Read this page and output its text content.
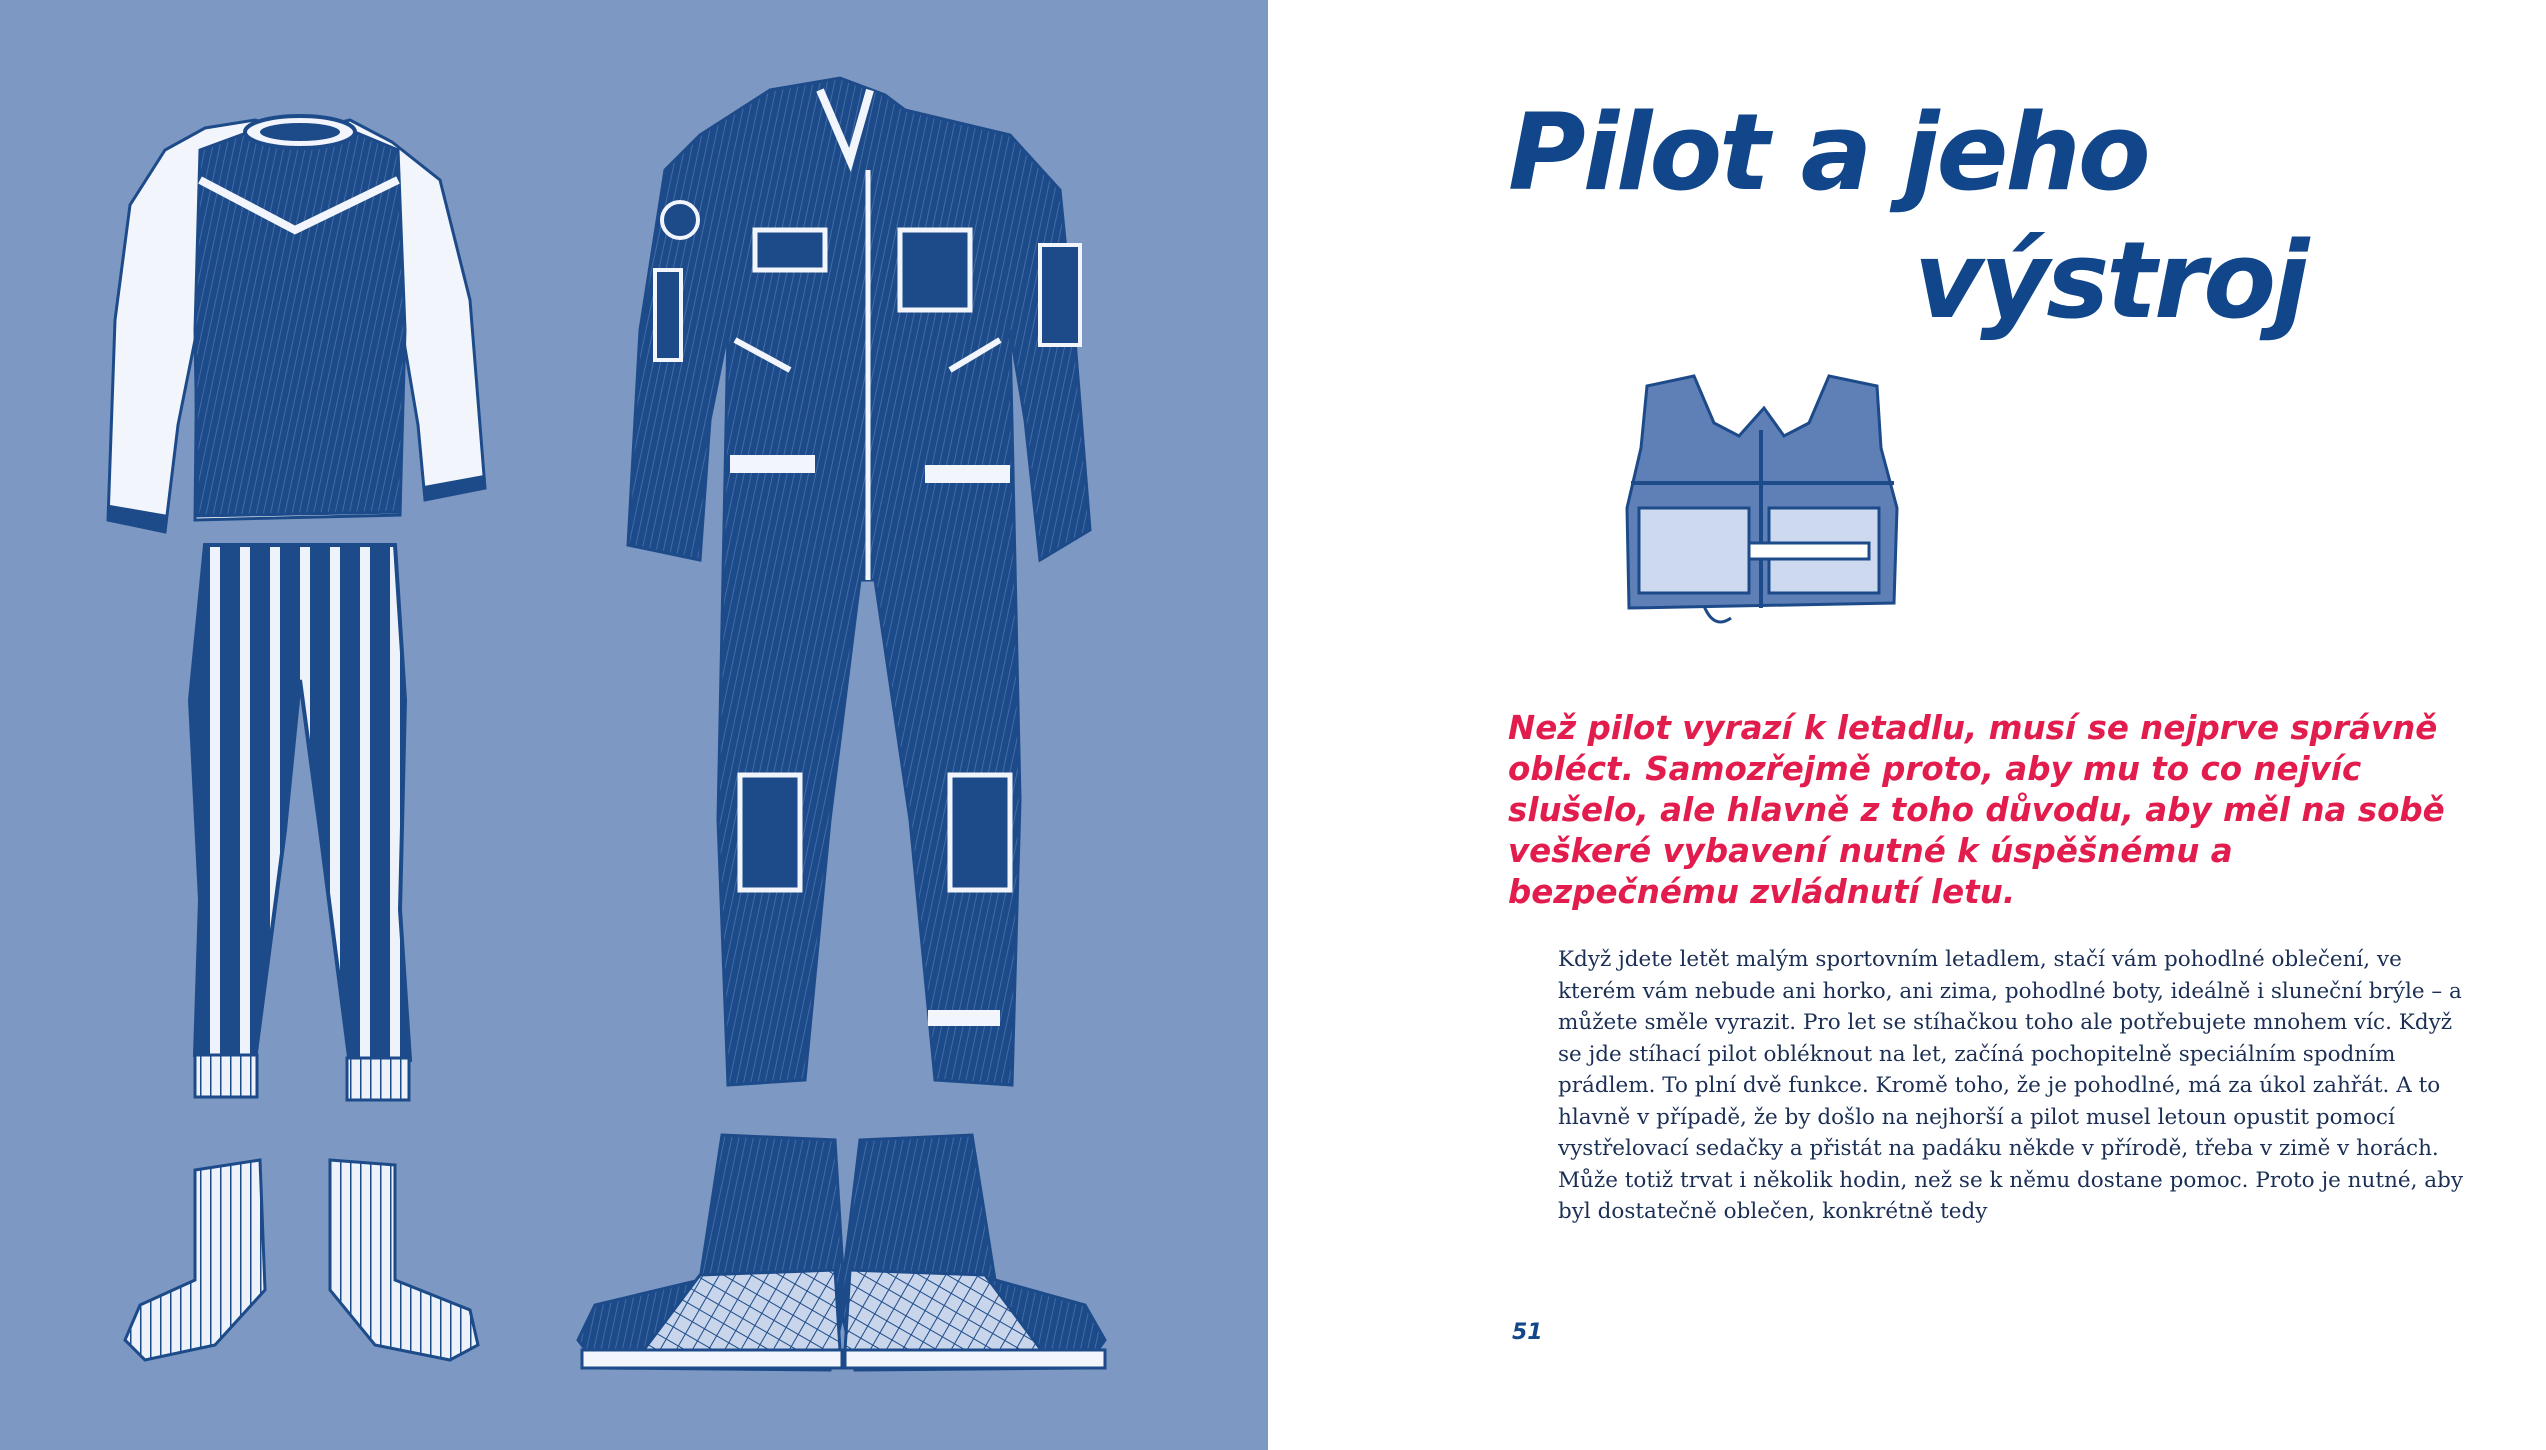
Pilot a jeho
výstroj

Než pilot vyrazí k letadlu, musí se nejprve správně obléct. Samozřejmě proto, aby mu to co nejvíc slušelo, ale hlavně z toho důvodu, aby měl na sobě veškeré vybavení nutné k úspěšnému a bezpečnému zvládnutí letu.

Když jdete letět malým sportovním letadlem, stačí vám pohodlné oblečení, ve kterém vám nebude ani horko, ani zima, pohodlné boty, ideálně i sluneční brýle – a můžete směle vyrazit. Pro let se stíhačkou toho ale potřebujete mnohem víc. Když se jde stíhací pilot obléknout na let, začíná pochopitelně speciálním spodním prádlem. To plní dvě funkce. Kromě toho, že je pohodlné, má za úkol zahřát. A to hlavně v případě, že by došlo na nejhorší a pilot musel letoun opustit pomocí vystřelovací sedačky a přistát na padáku někde v přírodě, třeba v zimě v horách. Může totiž trvat i několik hodin, než se k němu dostane pomoc. Proto je nutné, aby byl dostatečně oblečen, konkrétně tedy

51
